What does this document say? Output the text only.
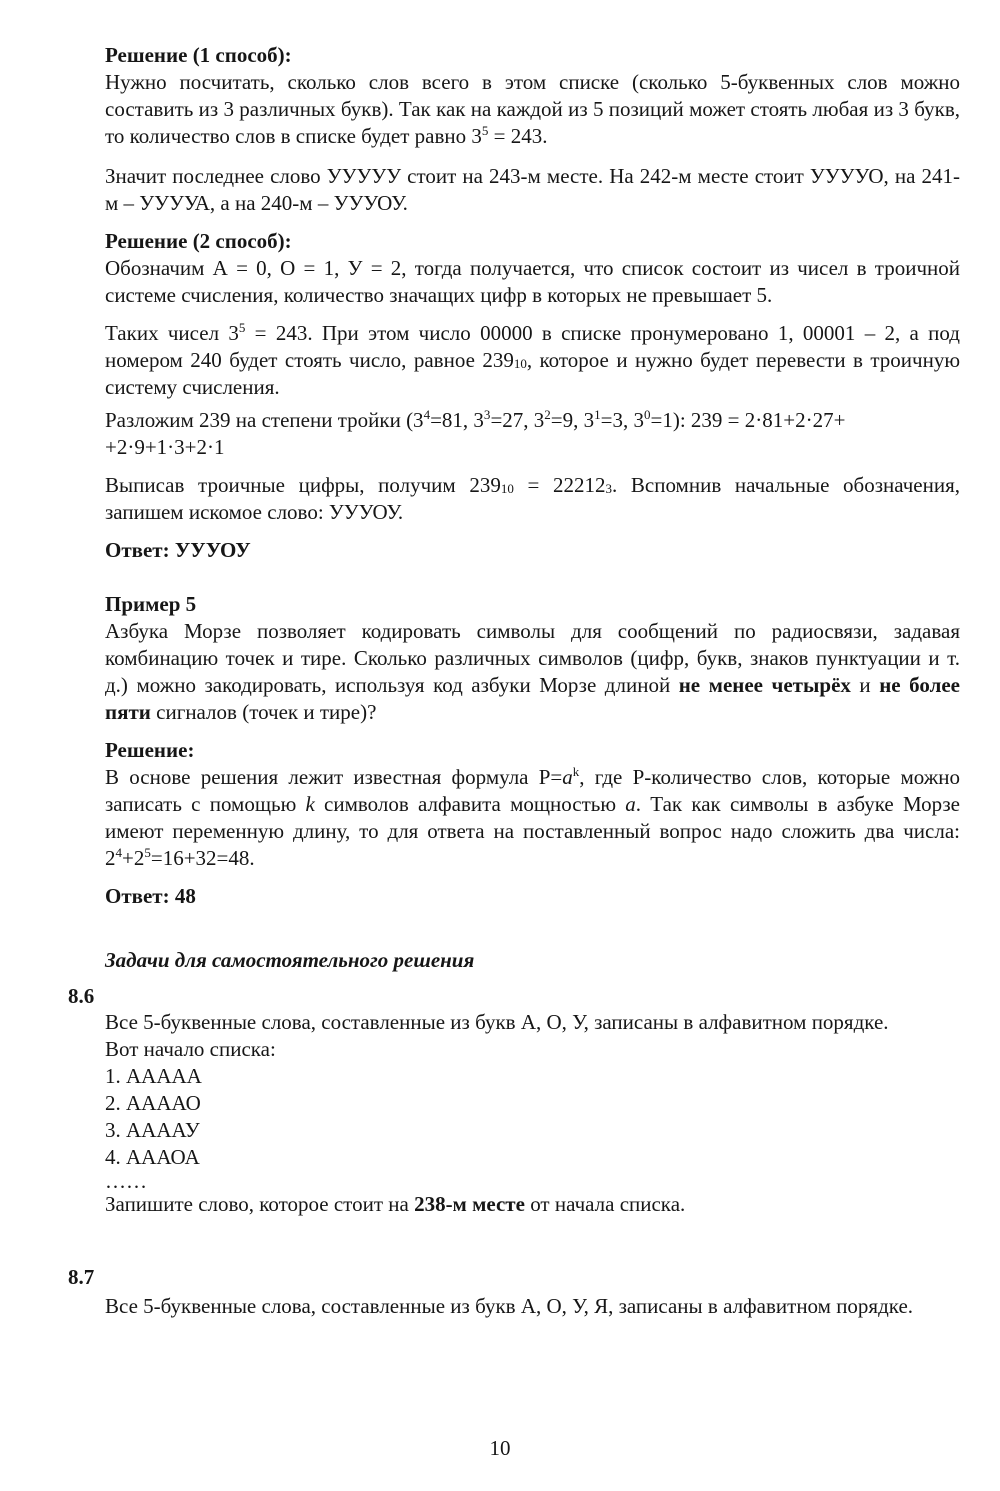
Решение (1 способ):
Нужно посчитать, сколько слов всего в этом списке (сколько 5-буквенных слов можно составить из 3 различных букв). Так как на каждой из 5 позиций может стоять любая из 3 букв, то количество слов в списке будет равно $3^5 = 243$.
Значит последнее слово УУУУУ стоит на 243-м месте. На 242-м месте стоит УУУУО, на 241-м – УУУУА, а на 240-м – УУУОУ.
Решение (2 способ):
Обозначим А = 0, О = 1, У = 2, тогда получается, что список состоит из чисел в троичной системе счисления, количество значащих цифр в которых не превышает 5.
Таких чисел $3^5 = 243$. При этом число 00000 в списке пронумеровано 1, 00001 – 2, а под номером 240 будет стоять число, равное $239_{10}$, которое и нужно будет перевести в троичную систему счисления.
Разложим 239 на степени тройки ($3^4=81$, $3^3=27$, $3^2=9$, $3^1=3$, $3^0=1$): 239 = 2·81+2·27+
+2·9+1·3+2·1
Выписав троичные цифры, получим $239_{10} = 22212_3$. Вспомнив начальные обозначения, запишем искомое слово: УУУОУ.
Ответ: УУУОУ
Пример 5
Азбука Морзе позволяет кодировать символы для сообщений по радиосвязи, задавая комбинацию точек и тире. Сколько различных символов (цифр, букв, знаков пунктуации и т. д.) можно закодировать, используя код азбуки Морзе длиной не менее четырёх и не более пяти сигналов (точек и тире)?
Решение:
В основе решения лежит известная формула $P=a^k$, где P-количество слов, которые можно записать с помощью k символов алфавита мощностью a. Так как символы в азбуке Морзе имеют переменную длину, то для ответа на поставленный вопрос надо сложить два числа: $2^4+2^5=16+32=48$.
Ответ: 48
Задачи для самостоятельного решения
8.6
Все 5-буквенные слова, составленные из букв А, О, У, записаны в алфавитном порядке.
Вот начало списка:
1. ААААА
2. ААААО
3. ААААУ
4. АААОА
……
Запишите слово, которое стоит на 238-м месте от начала списка.
8.7
Все 5-буквенные слова, составленные из букв А, О, У, Я, записаны в алфавитном порядке.
10
